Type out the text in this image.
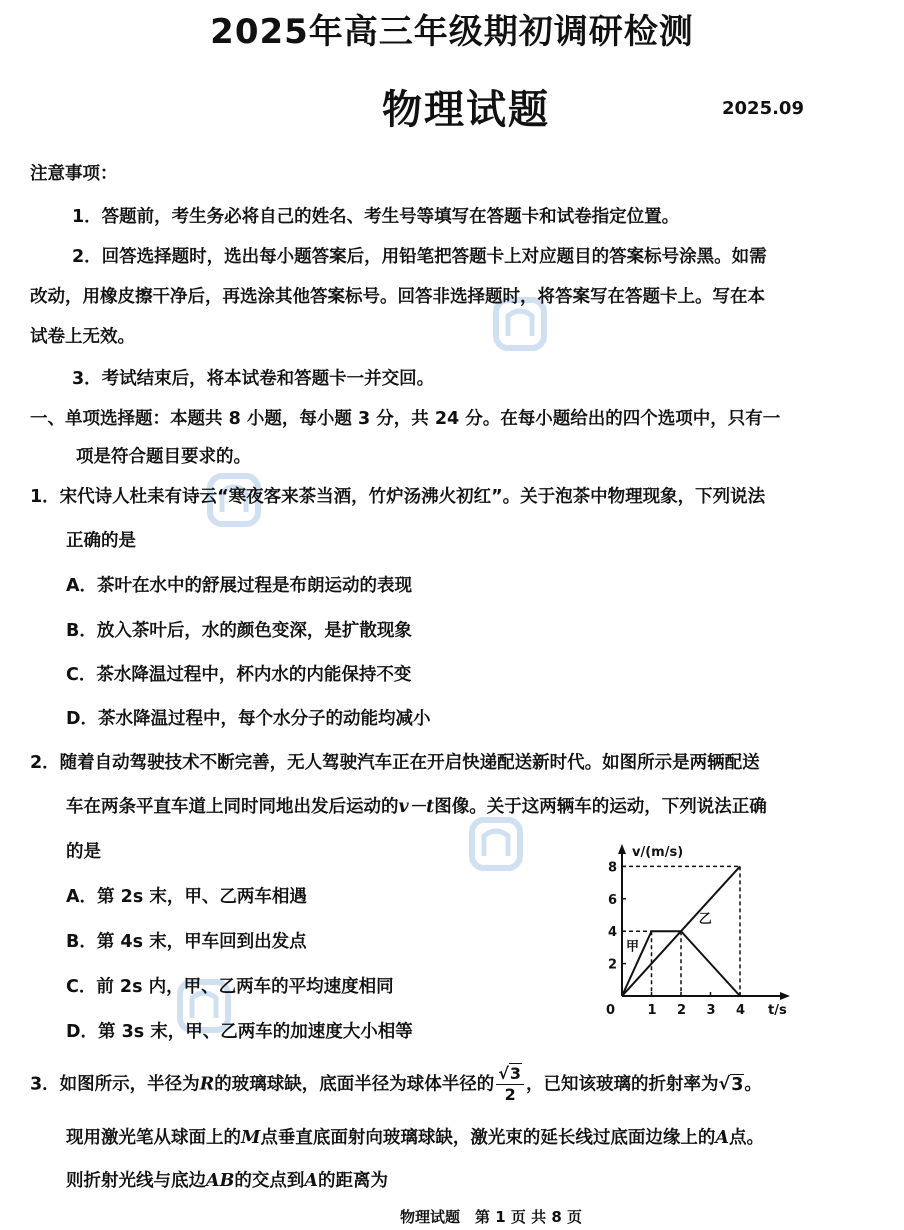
2025年高三年级期初调研检测
物理试题	2025.09
注意事项：
1．答题前，考生务必将自己的姓名、考生号等填写在答题卡和试卷指定位置。
2．回答选择题时，选出每小题答案后，用铅笔把答题卡上对应题目的答案标号涂黑。如需
改动，用橡皮擦干净后，再选涂其他答案标号。回答非选择题时，将答案写在答题卡上。写在本
试卷上无效。
3．考试结束后，将本试卷和答题卡一并交回。
一、单项选择题：本题共 8 小题，每小题 3 分，共 24 分。在每小题给出的四个选项中，只有一
项是符合题目要求的。
1．宋代诗人杜耒有诗云“寒夜客来茶当酒，竹炉汤沸火初红”。关于泡茶中物理现象，下列说法
正确的是
A．茶叶在水中的舒展过程是布朗运动的表现
B．放入茶叶后，水的颜色变深，是扩散现象
C．茶水降温过程中，杯内水的内能保持不变
D．茶水降温过程中，每个水分子的动能均减小
2．随着自动驾驶技术不断完善，无人驾驶汽车正在开启快递配送新时代。如图所示是两辆配送
车在两条平直车道上同时同地出发后运动的v－t图像。关于这两辆车的运动，下列说法正确
的是
A．第 2s 末，甲、乙两车相遇
B．第 4s 末，甲车回到出发点
C．前 2s 内，甲、乙两车的平均速度相同
D．第 3s 末，甲、乙两车的加速度大小相等
v/(m/s)
t/s
0 1 2 3 4
2
4
6
8
甲
乙
3．如图所示，半径为R的玻璃球缺，底面半径为球体半径的 $\frac{√3}{2}$ ，已知该玻璃的折射率为√3。
现用激光笔从球面上的M点垂直底面射向玻璃球缺，激光束的延长线过底面边缘上的A点。
则折射光线与底边AB的交点到A的距离为
物理试题　第 1 页 共 8 页
